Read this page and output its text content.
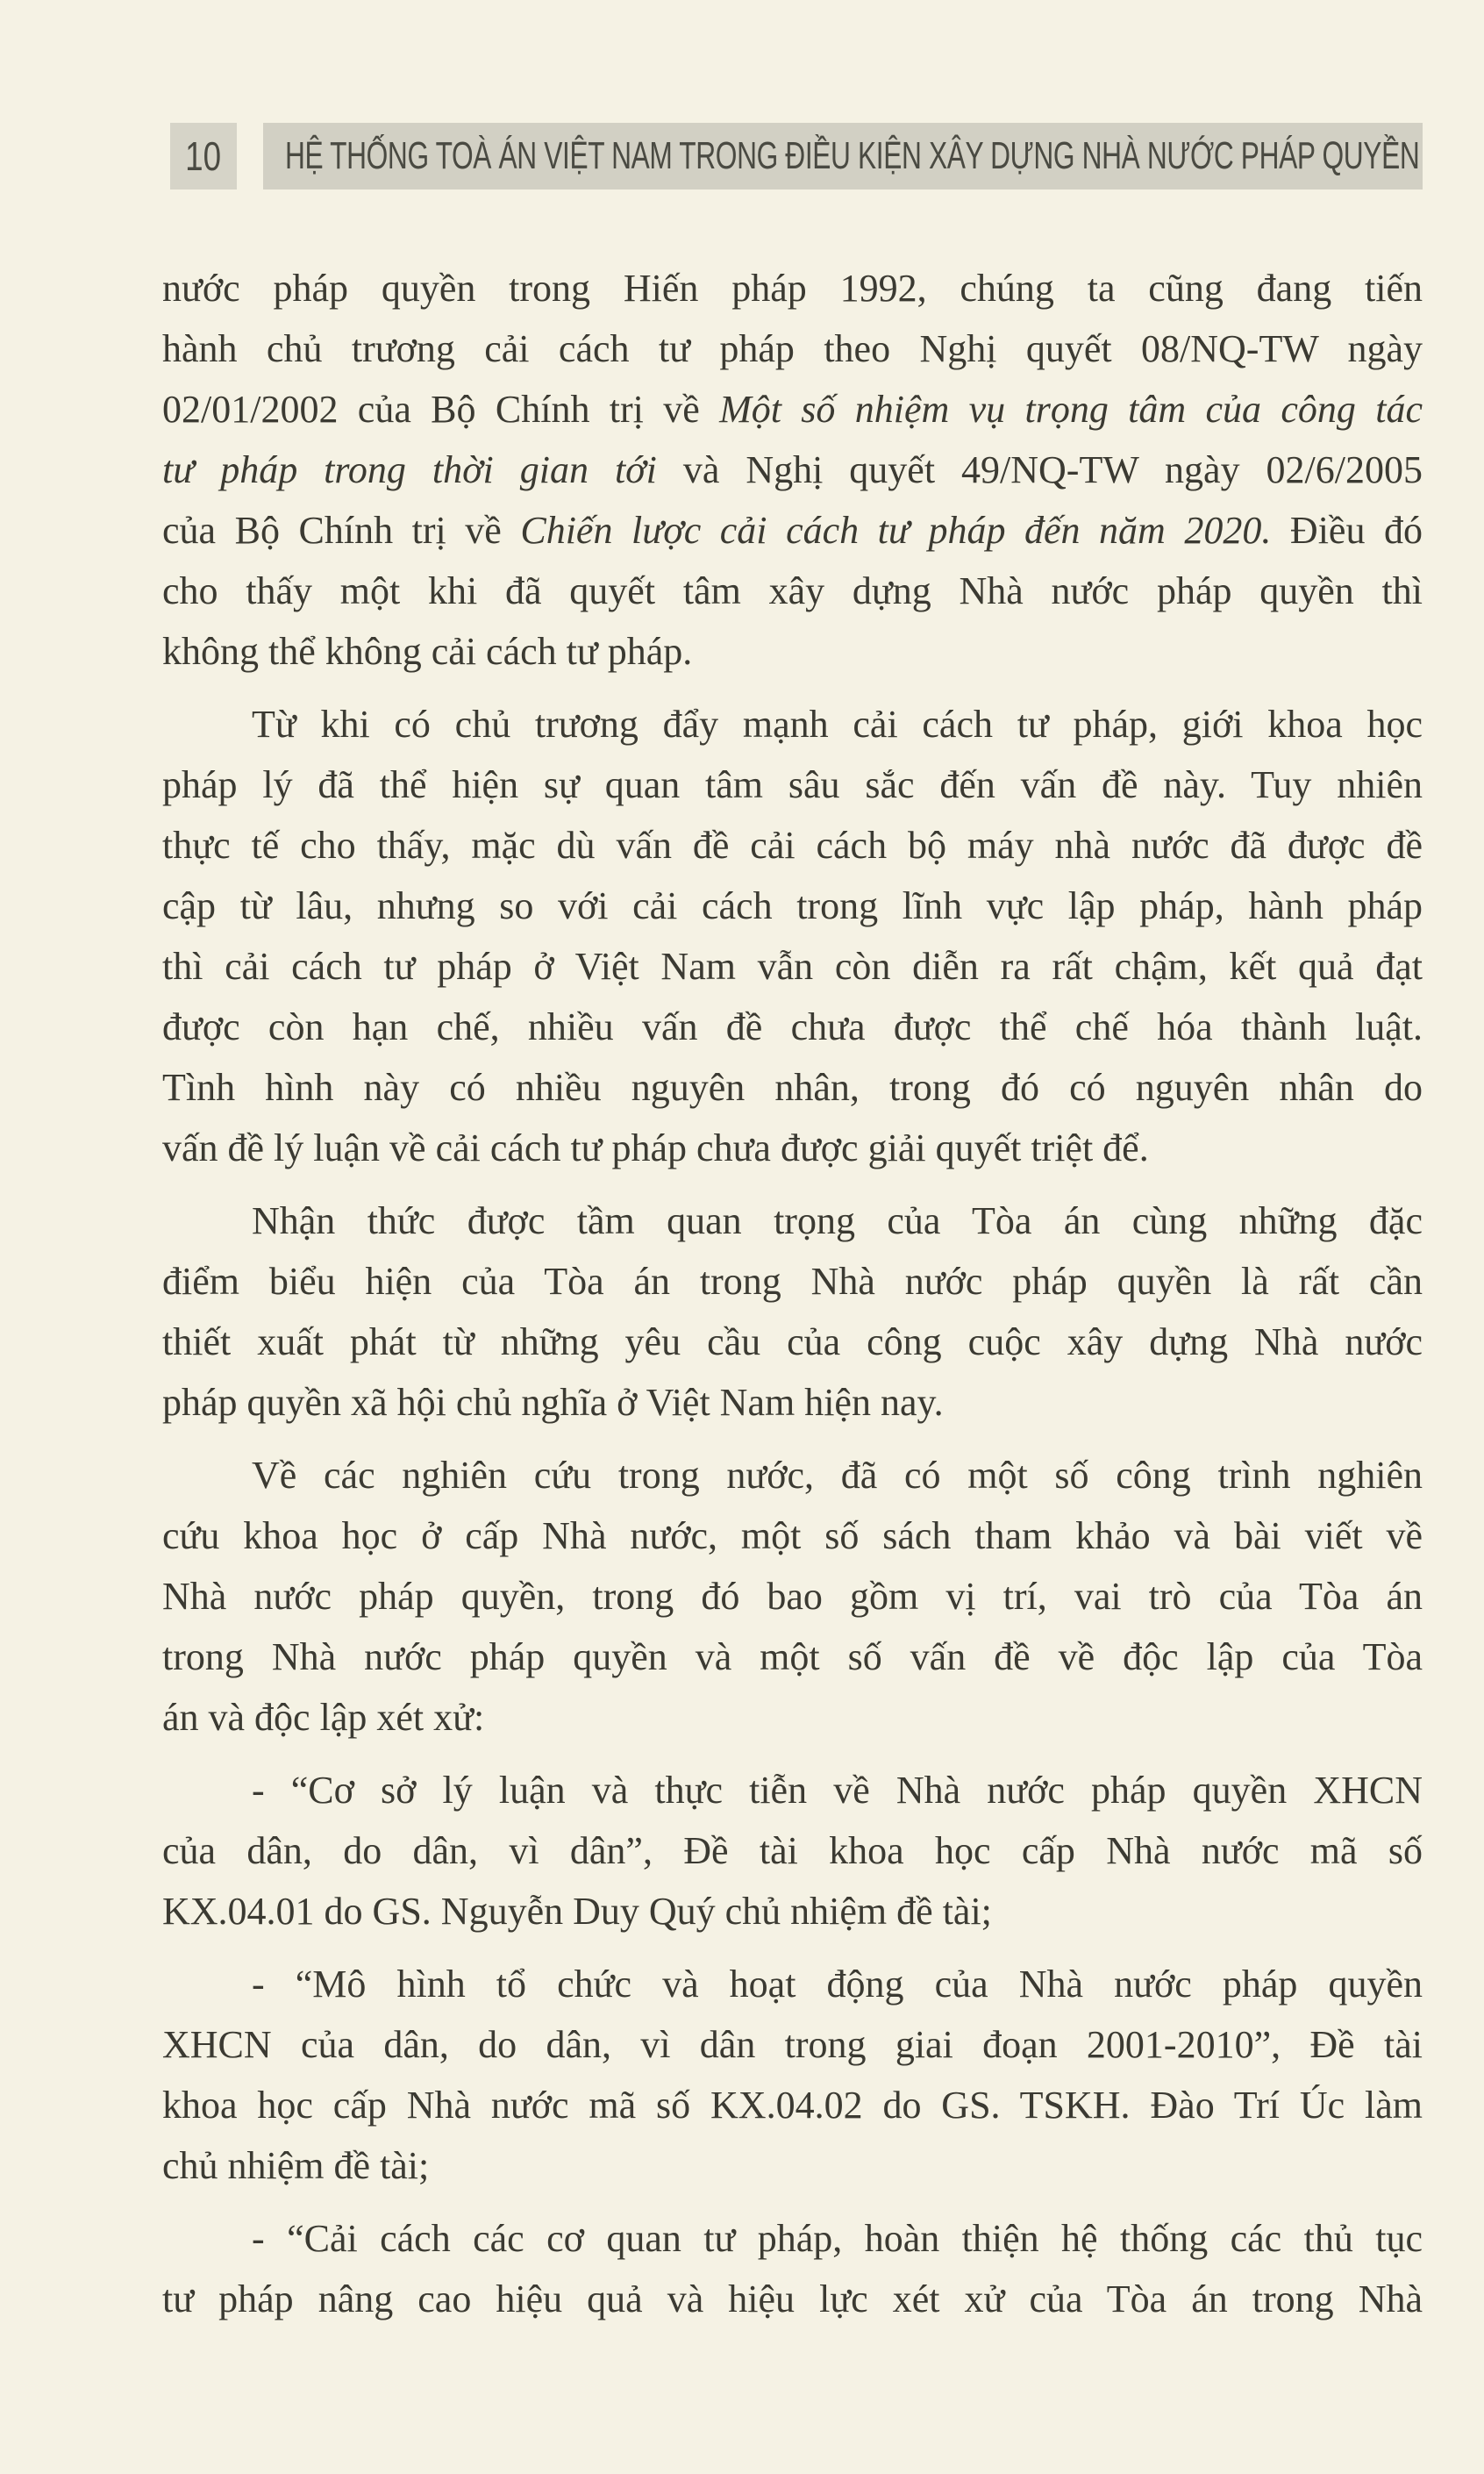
10 HỆ THỐNG TOÀ ÁN VIỆT NAM TRONG ĐIỀU KIỆN XÂY DỰNG NHÀ NƯỚC PHÁP QUYỀN
nước pháp quyền trong Hiến pháp 1992, chúng ta cũng đang tiến
hành chủ trương cải cách tư pháp theo Nghị quyết 08/NQ-TW ngày
02/01/2002 của Bộ Chính trị về Một số nhiệm vụ trọng tâm của công tác
tư pháp trong thời gian tới và Nghị quyết 49/NQ-TW ngày 02/6/2005
của Bộ Chính trị về Chiến lược cải cách tư pháp đến năm 2020. Điều đó
cho thấy một khi đã quyết tâm xây dựng Nhà nước pháp quyền thì
không thể không cải cách tư pháp.
Từ khi có chủ trương đẩy mạnh cải cách tư pháp, giới khoa học
pháp lý đã thể hiện sự quan tâm sâu sắc đến vấn đề này. Tuy nhiên
thực tế cho thấy, mặc dù vấn đề cải cách bộ máy nhà nước đã được đề
cập từ lâu, nhưng so với cải cách trong lĩnh vực lập pháp, hành pháp
thì cải cách tư pháp ở Việt Nam vẫn còn diễn ra rất chậm, kết quả đạt
được còn hạn chế, nhiều vấn đề chưa được thể chế hóa thành luật.
Tình hình này có nhiều nguyên nhân, trong đó có nguyên nhân do
vấn đề lý luận về cải cách tư pháp chưa được giải quyết triệt để.
Nhận thức được tầm quan trọng của Tòa án cùng những đặc
điểm biểu hiện của Tòa án trong Nhà nước pháp quyền là rất cần
thiết xuất phát từ những yêu cầu của công cuộc xây dựng Nhà nước
pháp quyền xã hội chủ nghĩa ở Việt Nam hiện nay.
Về các nghiên cứu trong nước, đã có một số công trình nghiên
cứu khoa học ở cấp Nhà nước, một số sách tham khảo và bài viết về
Nhà nước pháp quyền, trong đó bao gồm vị trí, vai trò của Tòa án
trong Nhà nước pháp quyền và một số vấn đề về độc lập của Tòa
án và độc lập xét xử:
- “Cơ sở lý luận và thực tiễn về Nhà nước pháp quyền XHCN
của dân, do dân, vì dân”, Đề tài khoa học cấp Nhà nước mã số
KX.04.01 do GS. Nguyễn Duy Quý chủ nhiệm đề tài;
- “Mô hình tổ chức và hoạt động của Nhà nước pháp quyền
XHCN của dân, do dân, vì dân trong giai đoạn 2001-2010”, Đề tài
khoa học cấp Nhà nước mã số KX.04.02 do GS. TSKH. Đào Trí Úc làm
chủ nhiệm đề tài;
- “Cải cách các cơ quan tư pháp, hoàn thiện hệ thống các thủ tục
tư pháp nâng cao hiệu quả và hiệu lực xét xử của Tòa án trong Nhà
